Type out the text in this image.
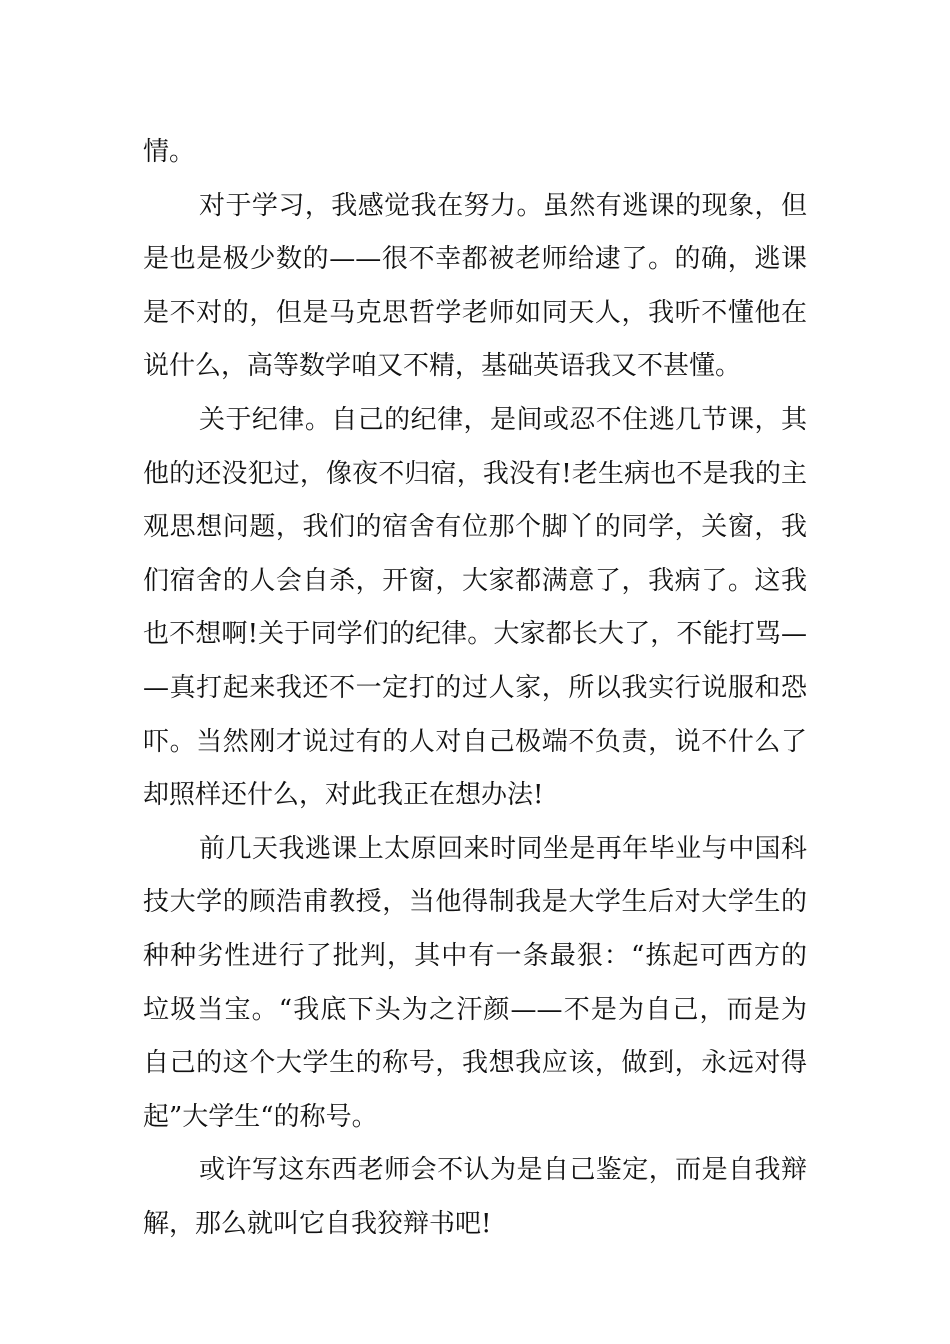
情。
对于学习，我感觉我在努力。虽然有逃课的现象，但
是也是极少数的——很不幸都被老师给逮了。的确，逃课
是不对的，但是马克思哲学老师如同天人，我听不懂他在
说什么，高等数学咱又不精，基础英语我又不甚懂。
关于纪律。自己的纪律，是间或忍不住逃几节课，其
他的还没犯过，像夜不归宿，我没有!老生病也不是我的主
观思想问题，我们的宿舍有位那个脚丫的同学，关窗，我
们宿舍的人会自杀，开窗，大家都满意了，我病了。这我
也不想啊!关于同学们的纪律。大家都长大了，不能打骂—
—真打起来我还不一定打的过人家，所以我实行说服和恐
吓。当然刚才说过有的人对自己极端不负责，说不什么了
却照样还什么，对此我正在想办法!
前几天我逃课上太原回来时同坐是再年毕业与中国科
技大学的顾浩甫教授，当他得制我是大学生后对大学生的
种种劣性进行了批判，其中有一条最狠：“拣起可西方的
垃圾当宝。“我底下头为之汗颜——不是为自己，而是为
自己的这个大学生的称号，我想我应该，做到，永远对得
起”大学生“的称号。
或许写这东西老师会不认为是自己鉴定，而是自我辩
解，那么就叫它自我狡辩书吧!
